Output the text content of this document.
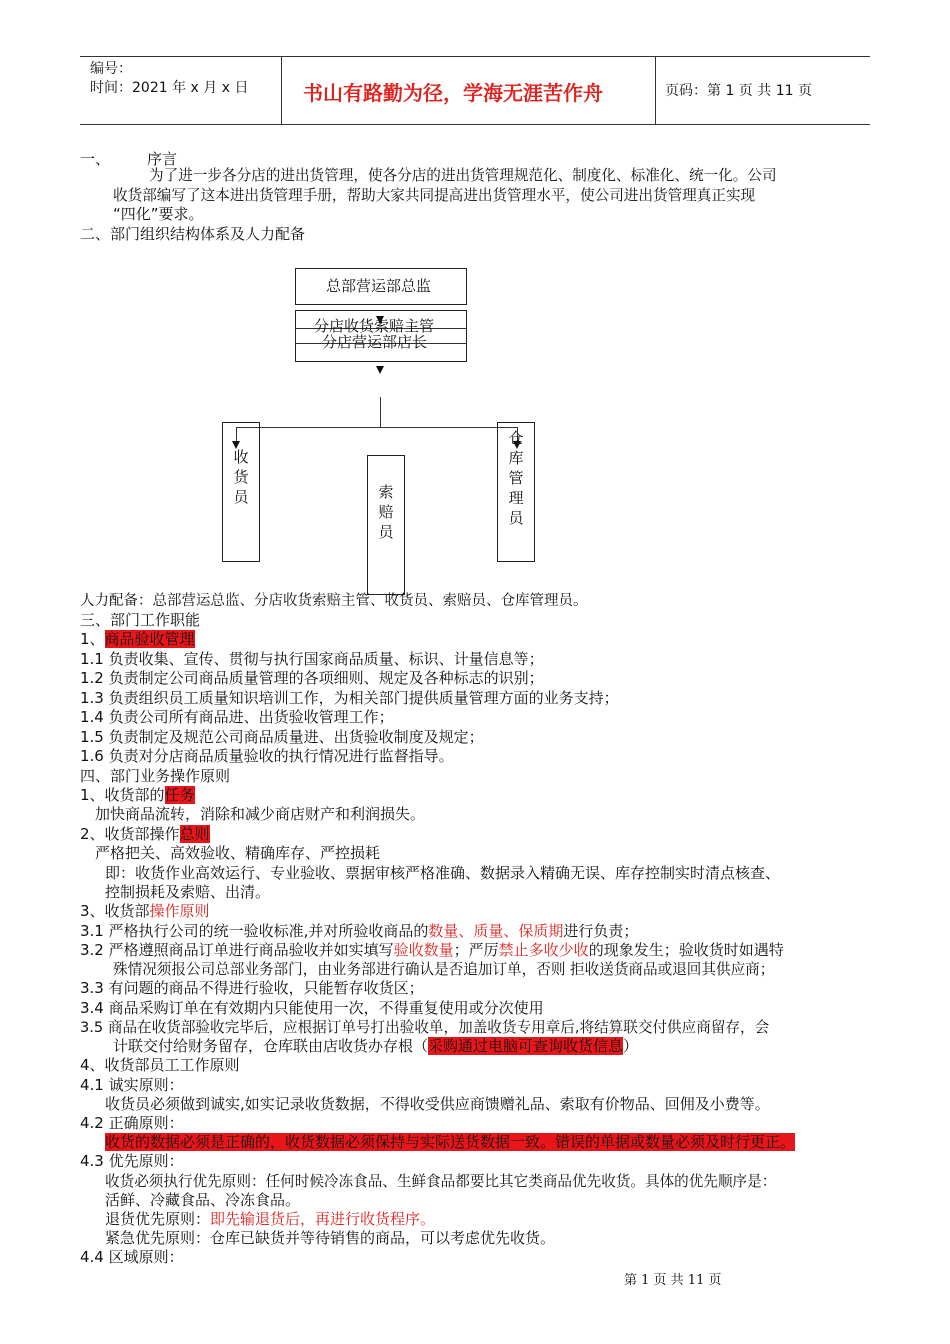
编号：
时间：2021 年 x 月 x 日	书山有路勤为径，学海无涯苦作舟	页码：第 1 页 共 11 页
一、 序言
为了进一步各分店的进出货管理，使各分店的进出货管理规范化、制度化、标准化、统一化。公司
收货部编写了这本进出货管理手册，帮助大家共同提高进出货管理水平，使公司进出货管理真正实现
“四化”要求。
二、部门组织结构体系及人力配备
总部营运部总监
分店收货索赔主管
分店营运部店长
收货员	索赔员
仓库管理员
人力配备：总部营运总监、分店收货索赔主管、收货员、索赔员、仓库管理员。
三、部门工作职能
1、商品验收管理
1.1 负责收集、宣传、贯彻与执行国家商品质量、标识、计量信息等；
1.2 负责制定公司商品质量管理的各项细则、规定及各种标志的识别；
1.3 负责组织员工质量知识培训工作，为相关部门提供质量管理方面的业务支持；
1.4 负责公司所有商品进、出货验收管理工作；
1.5 负责制定及规范公司商品质量进、出货验收制度及规定；
1.6 负责对分店商品质量验收的执行情况进行监督指导。
四、部门业务操作原则
1、收货部的任务
加快商品流转，消除和减少商店财产和利润损失。
2、收货部操作总则
严格把关、高效验收、精确库存、严控损耗
即：收货作业高效运行、专业验收、票据审核严格准确、数据录入精确无误、库存控制实时清点核查、
控制损耗及索赔、出清。
3、收货部操作原则
3.1 严格执行公司的统一验收标准,并对所验收商品的数量、质量、保质期进行负责；
3.2 严格遵照商品订单进行商品验收并如实填写验收数量；严厉禁止多收少收的现象发生；验收货时如遇特
殊情况须报公司总部业务部门，由业务部进行确认是否追加订单，否则 拒收送货商品或退回其供应商；
3.3 有问题的商品不得进行验收，只能暂存收货区；
3.4 商品采购订单在有效期内只能使用一次，不得重复使用或分次使用
3.5 商品在收货部验收完毕后，应根据订单号打出验收单，加盖收货专用章后,将结算联交付供应商留存，会
计联交付给财务留存，仓库联由店收货办存根（采购通过电脑可查询收货信息）
4、收货部员工工作原则
4.1 诚实原则：
收货员必须做到诚实,如实记录收货数据，不得收受供应商馈赠礼品、索取有价物品、回佣及小费等。
4.2 正确原则：
收货的数据必须是正确的，收货数据必须保持与实际送货数据一致。错误的单据或数量必须及时行更正。
4.3 优先原则：
收货必须执行优先原则：任何时候冷冻食品、生鲜食品都要比其它类商品优先收货。具体的优先顺序是：
活鲜、冷藏食品、冷冻食品。
退货优先原则：即先输退货后，再进行收货程序。
紧急优先原则：仓库已缺货并等待销售的商品，可以考虑优先收货。
4.4 区域原则：
第 1 页 共 11 页
